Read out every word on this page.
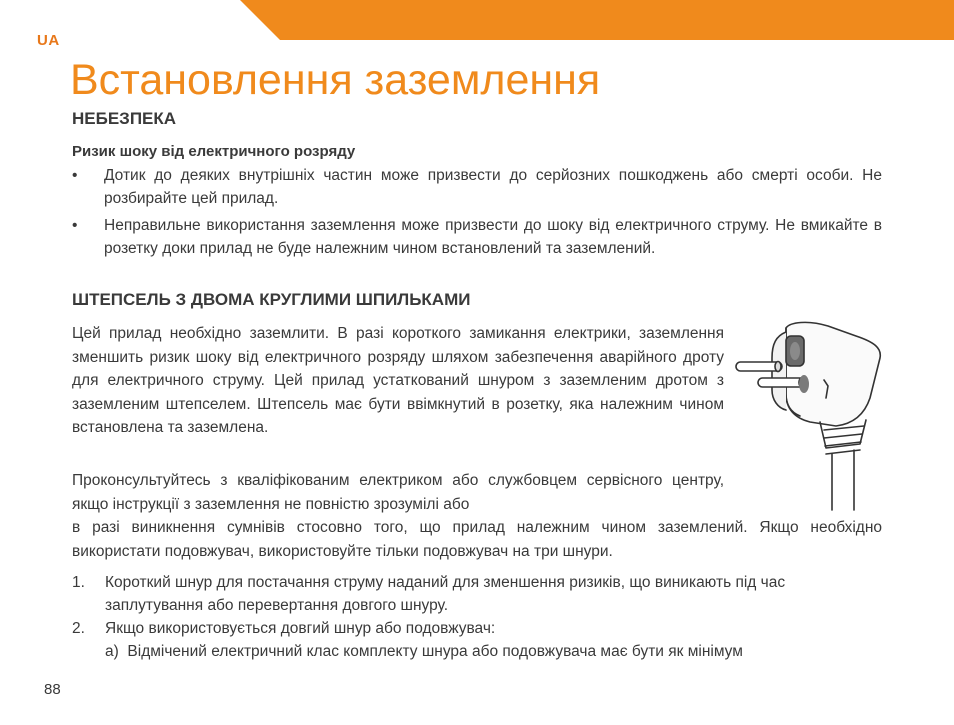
UA
Встановлення заземлення
НЕБЕЗПЕКА
Ризик шоку від електричного розряду
• Дотик до деяких внутрішніх частин може призвести до серйозних пошкоджень або смерті особи. Не розбирайте цей прилад.
• Неправильне використання заземлення може призвести до шоку від електричного струму. Не вмикайте в розетку доки прилад не буде належним чином встановлений та заземлений.
ШТЕПСЕЛЬ З ДВОМА КРУГЛИМИ ШПИЛЬКАМИ

Цей прилад необхідно заземлити. В разі короткого замикання електрики, заземлення зменшить ризик шоку від електричного розряду шляхом забезпечення аварійного дроту для електричного струму. Цей прилад устаткований шнуром з заземленим дротом з заземленим штепселем. Штепсель має бути ввімкнутий в розетку, яка належним чином встановлена та заземлена.

Проконсультуйтесь з кваліфікованим електриком або службовцем сервісного центру, якщо інструкції з заземлення не повністю зрозумілі або

в разі виникнення сумнівів стосовно того, що прилад належним чином заземлений. Якщо необхідно використати подовжувач, використовуйте тільки подовжувач на три шнури.

1. Короткий шнур для постачання струму наданий для зменшення ризиків, що виникають під час заплутування або перевертання довгого шнуру.
2. Якщо використовується довгий шнур або подовжувач:
a) Відмічений електричний клас комплекту шнура або подовжувача має бути як мінімум
88
